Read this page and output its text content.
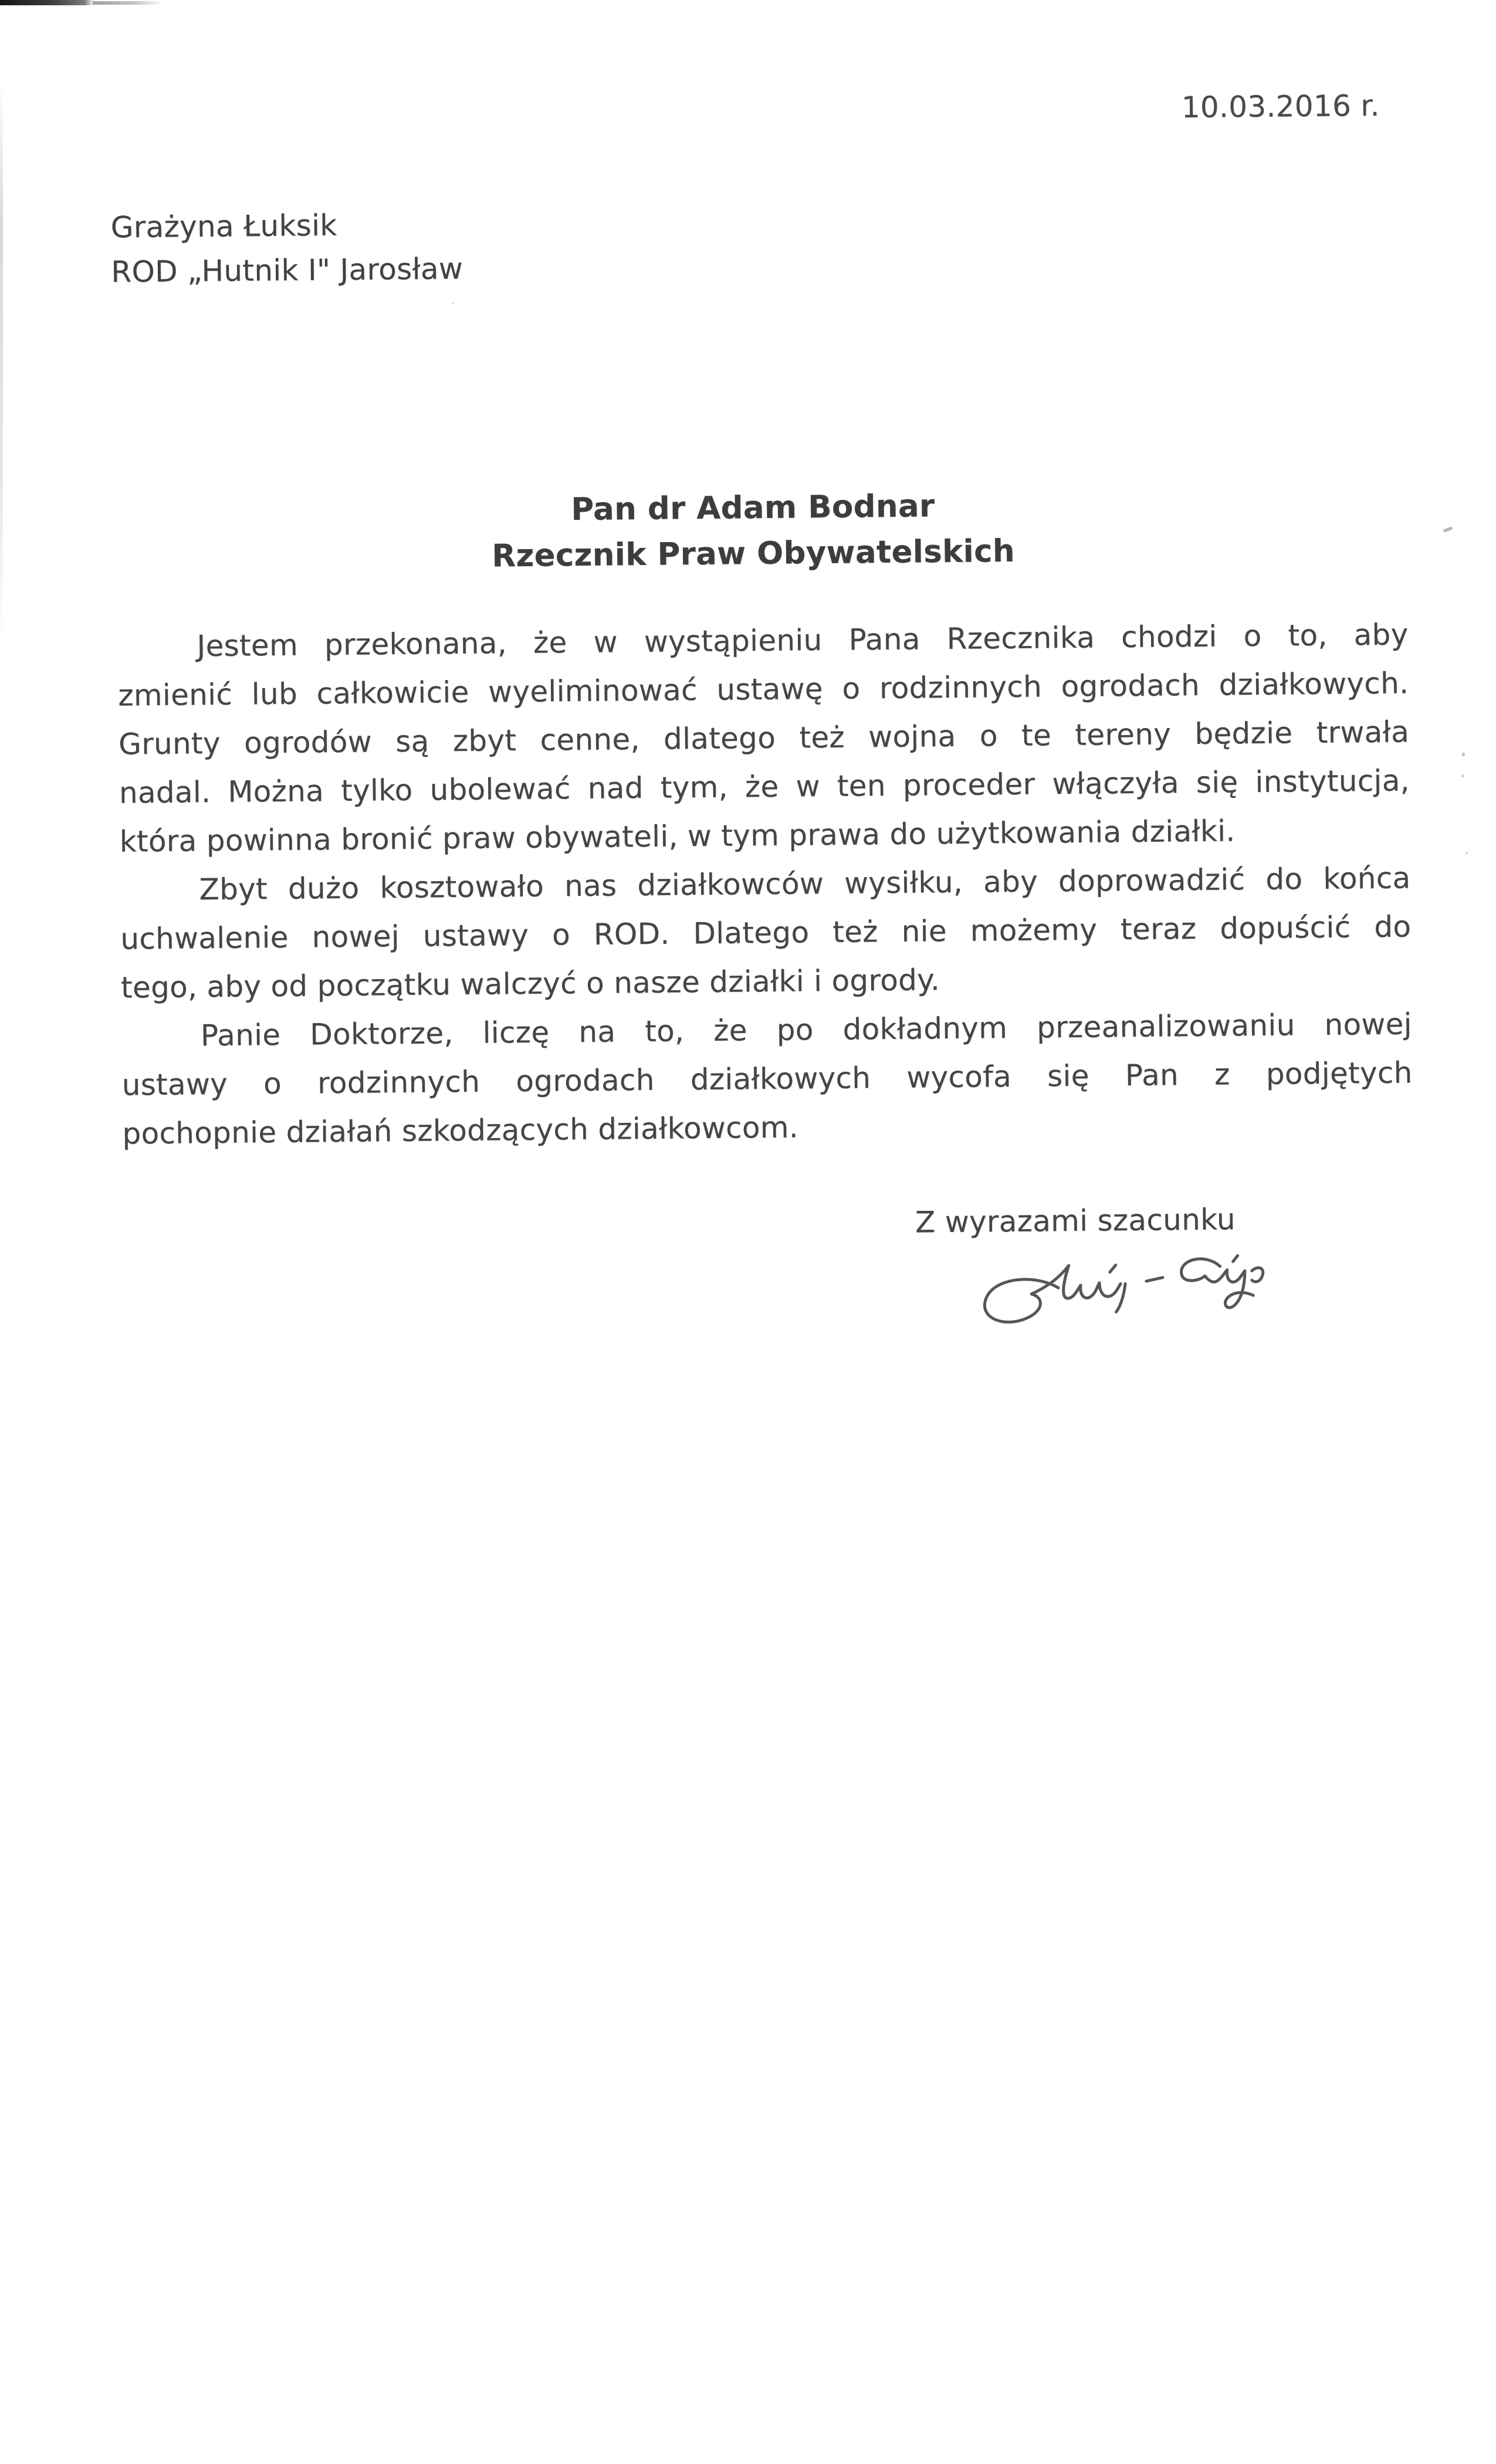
10.03.2016 r.
Grażyna Łuksik
ROD „Hutnik I" Jarosław
Pan dr Adam Bodnar
Rzecznik Praw Obywatelskich
Jestem przekonana, że w wystąpieniu Pana Rzecznika chodzi o to, aby
zmienić lub całkowicie wyeliminować ustawę o rodzinnych ogrodach działkowych.
Grunty ogrodów są zbyt cenne, dlatego też wojna o te tereny będzie trwała
nadal. Można tylko ubolewać nad tym, że w ten proceder włączyła się instytucja,
która powinna bronić praw obywateli, w tym prawa do użytkowania działki.
Zbyt dużo kosztowało nas działkowców wysiłku, aby doprowadzić do końca
uchwalenie nowej ustawy o ROD. Dlatego też nie możemy teraz dopuścić do
tego, aby od początku walczyć o nasze działki i ogrody.
Panie Doktorze, liczę na to, że po dokładnym przeanalizowaniu nowej
ustawy o rodzinnych ogrodach działkowych wycofa się Pan z podjętych
pochopnie działań szkodzących działkowcom.
Z wyrazami szacunku
